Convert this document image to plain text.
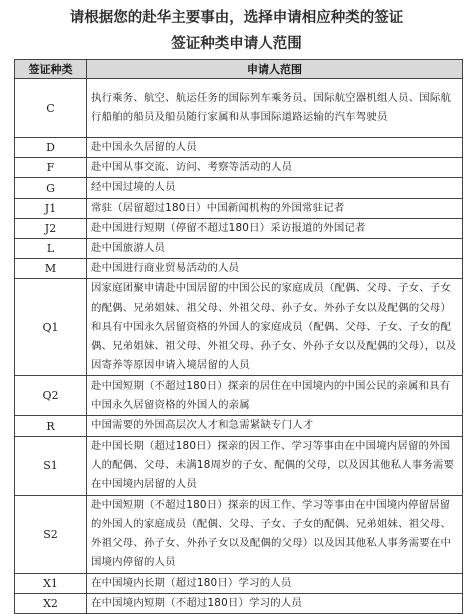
请根据您的赴华主要事由，选择申请相应种类的签证
签证种类申请人范围
签证种类	申请人范围
C	执行乘务、航空、航运任务的国际列车乘务员、国际航空器机组人员、国际航行船舶的船员及船员随行家属和从事国际道路运输的汽车驾驶员
D	赴中国永久居留的人员
F	赴中国从事交流、访问、考察等活动的人员
G	经中国过境的人员
J1	常驻（居留超过180日）中国新闻机构的外国常驻记者
J2	赴中国进行短期（停留不超过180日）采访报道的外国记者
L	赴中国旅游人员
M	赴中国进行商业贸易活动的人员
Q1	因家庭团聚申请赴中国居留的中国公民的家庭成员（配偶、父母、子女、子女的配偶、兄弟姐妹、祖父母、外祖父母、孙子女、外孙子女以及配偶的父母）和具有中国永久居留资格的外国人的家庭成员（配偶、父母、子女、子女的配偶、兄弟姐妹、祖父母、外祖父母、孙子女、外孙子女以及配偶的父母），以及因寄养等原因申请入境居留的人员
Q2	赴中国短期（不超过180日）探亲的居住在中国境内的中国公民的亲属和具有中国永久居留资格的外国人的亲属
R	中国需要的外国高层次人才和急需紧缺专门人才
S1	赴中国长期（超过180日）探亲的因工作、学习等事由在中国境内居留的外国人的配偶、父母、未满18周岁的子女、配偶的父母，以及因其他私人事务需要在中国境内居留的人员
S2	赴中国短期（不超过180日）探亲的因工作、学习等事由在中国境内停留居留的外国人的家庭成员（配偶、父母、子女、子女的配偶、兄弟姐妹、祖父母、外祖父母、孙子女、外孙子女以及配偶的父母）以及因其他私人事务需要在中国境内停留的人员
X1	在中国境内长期（超过180日）学习的人员
X2	在中国境内短期（不超过180日）学习的人员
